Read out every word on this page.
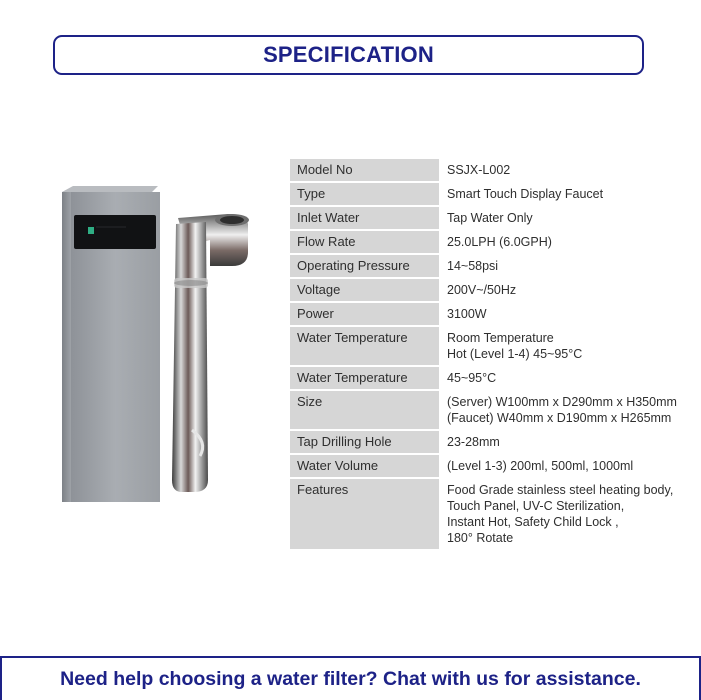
SPECIFICATION
Model No	SSJX-L002
Type	Smart Touch Display Faucet
Inlet Water	Tap Water Only
Flow Rate	25.0LPH (6.0GPH)
Operating Pressure	14~58psi
Voltage	200V~/50Hz
Power	3100W
Water Temperature	Room Temperature
Hot (Level 1-4) 45~95°C
Water Temperature	45~95°C
Size	(Server) W100mm x D290mm x H350mm
(Faucet) W40mm x D190mm x H265mm
Tap Drilling Hole	23-28mm
Water Volume	(Level 1-3) 200ml, 500ml, 1000ml
Features	Food Grade stainless steel heating body,
Touch Panel, UV-C Sterilization,
Instant Hot, Safety Child Lock ,
180° Rotate
Need help choosing a water filter? Chat with us for assistance.
